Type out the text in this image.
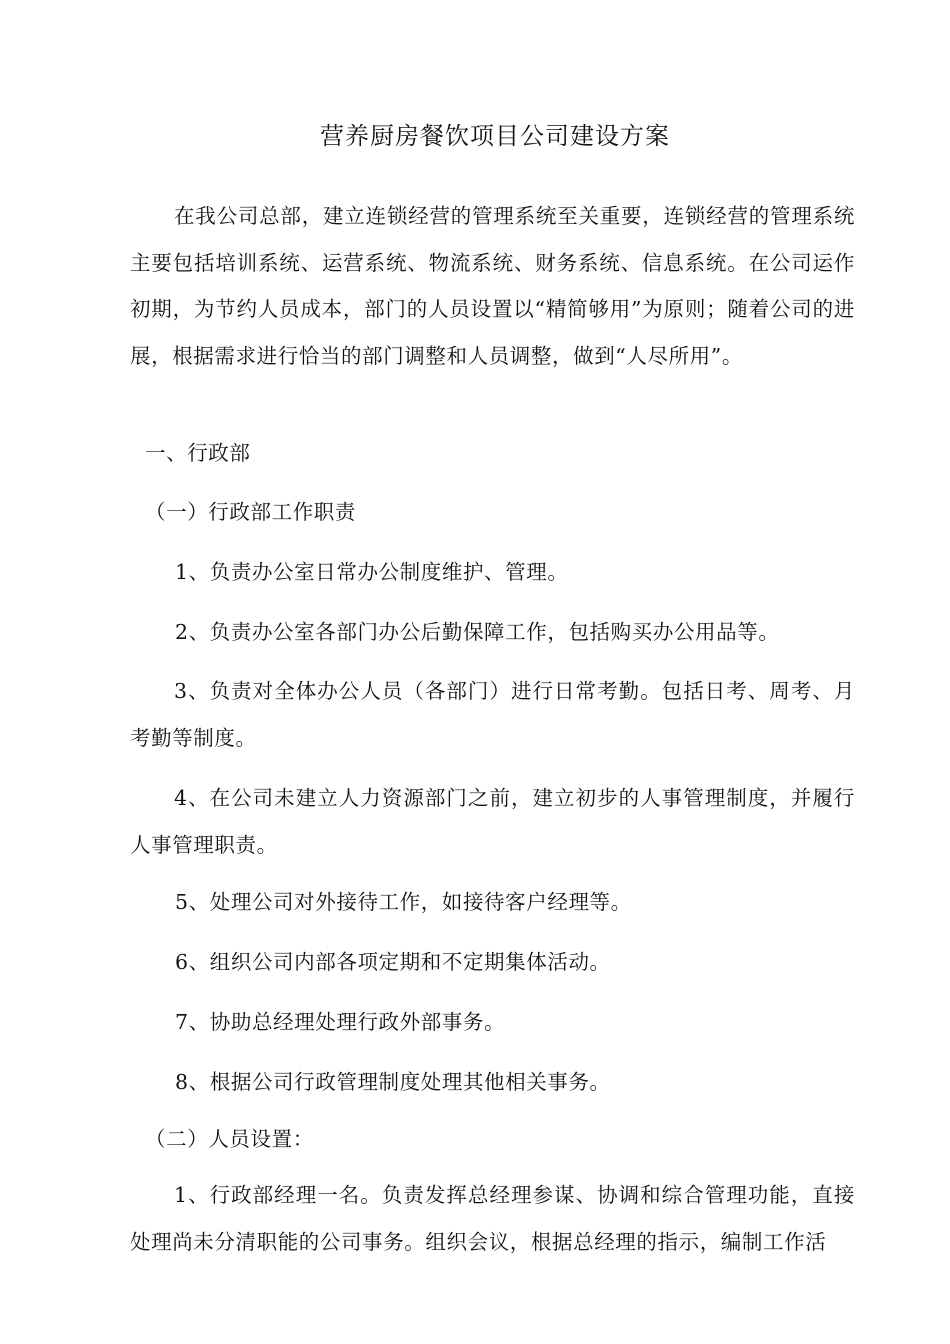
营养厨房餐饮项目公司建设方案
在我公司总部，建立连锁经营的管理系统至关重要，连锁经营的管理系统主要包括培训系统、运营系统、物流系统、财务系统、信息系统。在公司运作初期，为节约人员成本，部门的人员设置以“精简够用”为原则；随着公司的进展，根据需求进行恰当的部门调整和人员调整，做到“人尽所用”。
一、行政部
（一）行政部工作职责
1、负责办公室日常办公制度维护、管理。
2、负责办公室各部门办公后勤保障工作，包括购买办公用品等。
3、负责对全体办公人员（各部门）进行日常考勤。包括日考、周考、月考勤等制度。
4、在公司未建立人力资源部门之前，建立初步的人事管理制度，并履行人事管理职责。
5、处理公司对外接待工作，如接待客户经理等。
6、组织公司内部各项定期和不定期集体活动。
7、协助总经理处理行政外部事务。
8、根据公司行政管理制度处理其他相关事务。
（二）人员设置：
1、行政部经理一名。负责发挥总经理参谋、协调和综合管理功能，直接处理尚未分清职能的公司事务。组织会议，根据总经理的指示，编制工作活
